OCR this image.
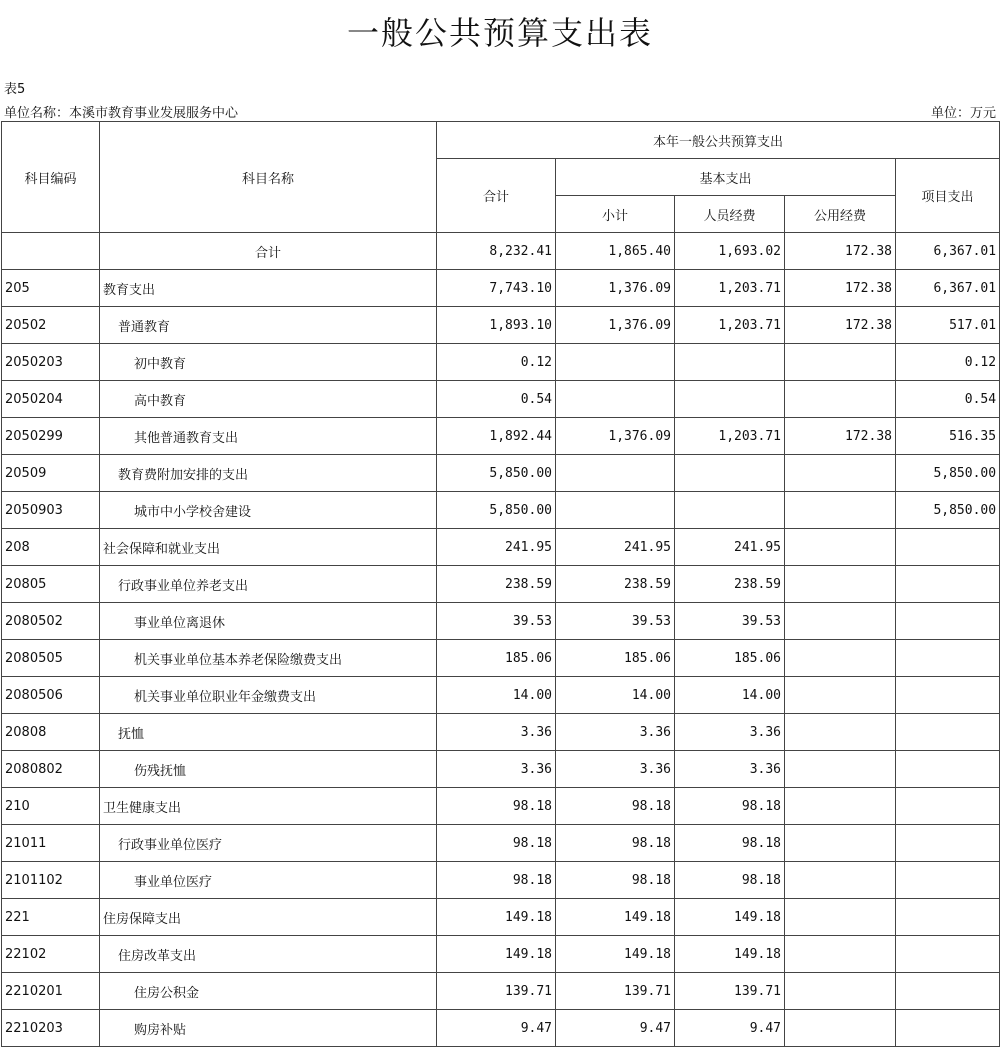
一般公共预算支出表
表5
单位名称：本溪市教育事业发展服务中心	单位：万元
科目编码	科目名称	本年一般公共预算支出				
		合计	基本支出			项目支出
			小计	人员经费	公用经费	
	合计	8,232.41	1,865.40	1,693.02	172.38	6,367.01
205	教育支出	7,743.10	1,376.09	1,203.71	172.38	6,367.01
20502	普通教育	1,893.10	1,376.09	1,203.71	172.38	517.01
2050203	初中教育	0.12				0.12
2050204	高中教育	0.54				0.54
2050299	其他普通教育支出	1,892.44	1,376.09	1,203.71	172.38	516.35
20509	教育费附加安排的支出	5,850.00				5,850.00
2050903	城市中小学校舍建设	5,850.00				5,850.00
208	社会保障和就业支出	241.95	241.95	241.95		
20805	行政事业单位养老支出	238.59	238.59	238.59		
2080502	事业单位离退休	39.53	39.53	39.53		
2080505	机关事业单位基本养老保险缴费支出	185.06	185.06	185.06		
2080506	机关事业单位职业年金缴费支出	14.00	14.00	14.00		
20808	抚恤	3.36	3.36	3.36		
2080802	伤残抚恤	3.36	3.36	3.36		
210	卫生健康支出	98.18	98.18	98.18		
21011	行政事业单位医疗	98.18	98.18	98.18		
2101102	事业单位医疗	98.18	98.18	98.18		
221	住房保障支出	149.18	149.18	149.18		
22102	住房改革支出	149.18	149.18	149.18		
2210201	住房公积金	139.71	139.71	139.71		
2210203	购房补贴	9.47	9.47	9.47		
